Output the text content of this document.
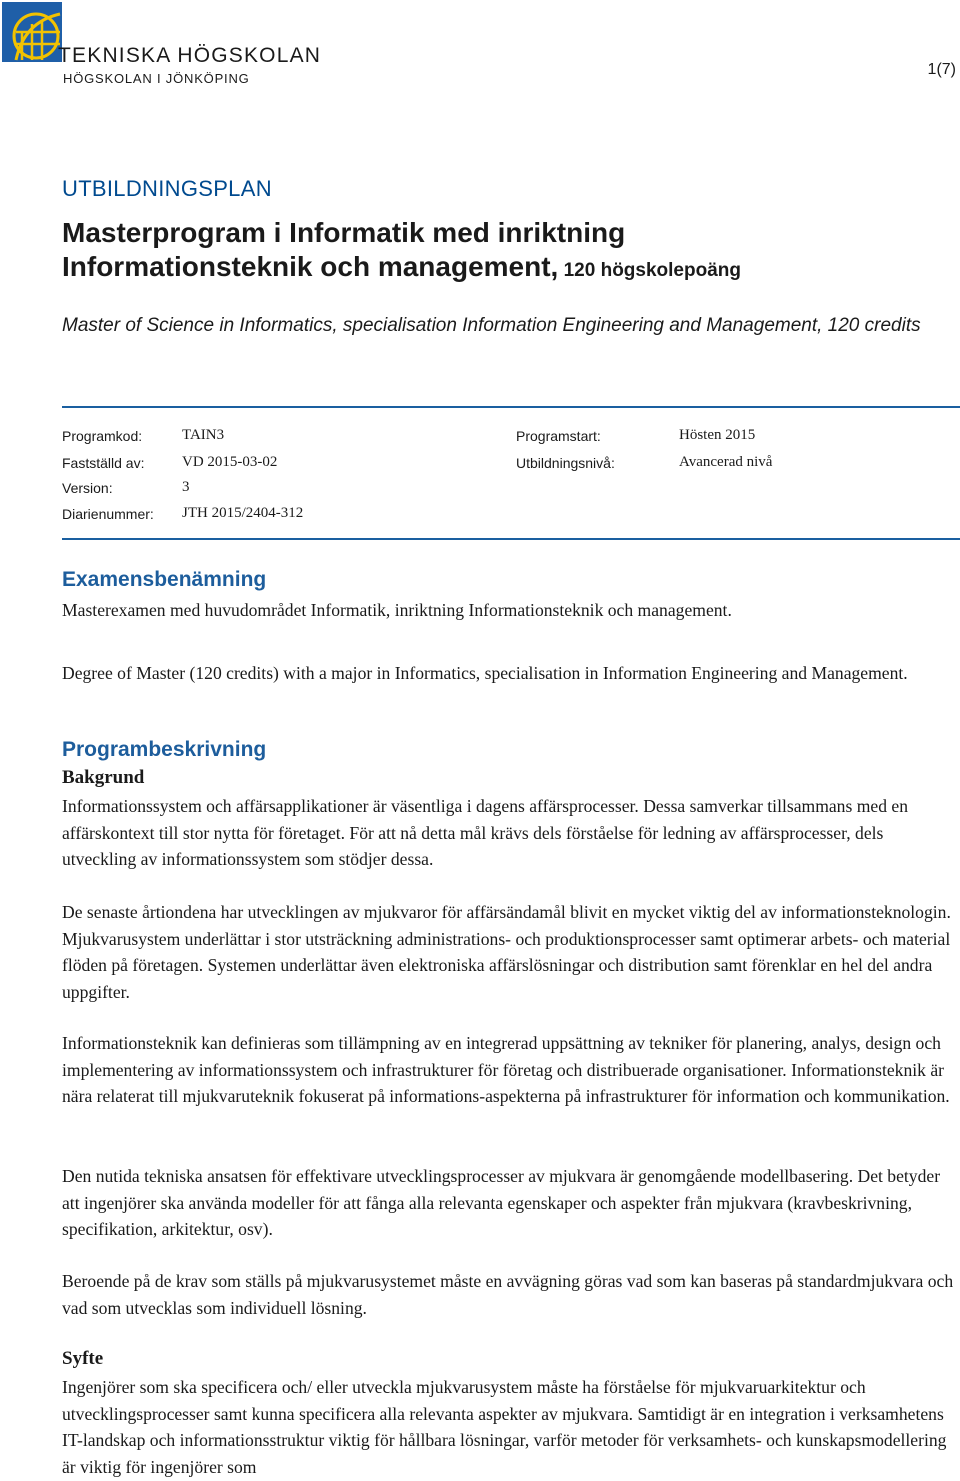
TEKNISKA HÖGSKOLAN
HÖGSKOLAN I JÖNKÖPING
1(7)
UTBILDNINGSPLAN
Masterprogram i Informatik med inriktning
Informationsteknik och management, 120 högskolepoäng
Master of Science in Informatics, specialisation Information Engineering and Management, 120 credits
Programkod:	TAIN3
Fastställd av:	VD 2015-03-02
Version:	3
Diarienummer: JTH 2015/2404-312
Programstart:	Hösten 2015
Utbildningsnivå:	Avancerad nivå
Examensbenämning

Masterexamen med huvudområdet Informatik, inriktning Informationsteknik och management.

Degree of Master (120 credits) with a major in Informatics, specialisation in Information Engineering and Management.

Programbeskrivning
Bakgrund

Informationssystem och affärsapplikationer är väsentliga i dagens affärsprocesser. Dessa samverkar tillsammans med en affärskontext till stor nytta för företaget. För att nå detta mål krävs dels förståelse för ledning av affärsprocesser, dels utveckling av informationssystem som stödjer dessa.

De senaste årtiondena har utvecklingen av mjukvaror för affärsändamål blivit en mycket viktig del av informationsteknologin. Mjukvarusystem underlättar i stor utsträckning administrations- och produktionsprocesser samt optimerar arbets- och material flöden på företagen. Systemen underlättar även elektroniska affärslösningar och distribution samt förenklar en hel del andra uppgifter.

Informationsteknik kan definieras som tillämpning av en integrerad uppsättning av tekniker för planering, analys, design och implementering av informationssystem och infrastrukturer för företag och distribuerade organisationer. Informationsteknik är nära relaterat till mjukvaruteknik fokuserat på informations-aspekterna på infrastrukturer för information och kommunikation.

Den nutida tekniska ansatsen för effektivare utvecklingsprocesser av mjukvara är genomgående modellbasering. Det betyder att ingenjörer ska använda modeller för att fånga alla relevanta egenskaper och aspekter från mjukvara (kravbeskrivning, specifikation, arkitektur, osv).

Beroende på de krav som ställs på mjukvarusystemet måste en avvägning göras vad som kan baseras på standardmjukvara och vad som utvecklas som individuell lösning.

Syfte

Ingenjörer som ska specificera och/ eller utveckla mjukvarusystem måste ha förståelse för mjukvaruarkitektur och utvecklingsprocesser samt kunna specificera alla relevanta aspekter av mjukvara. Samtidigt är en integration i verksamhetens IT-landskap och informationsstruktur viktig för hållbara lösningar, varför metoder för verksamhets- och kunskapsmodellering är viktig för ingenjörer som
